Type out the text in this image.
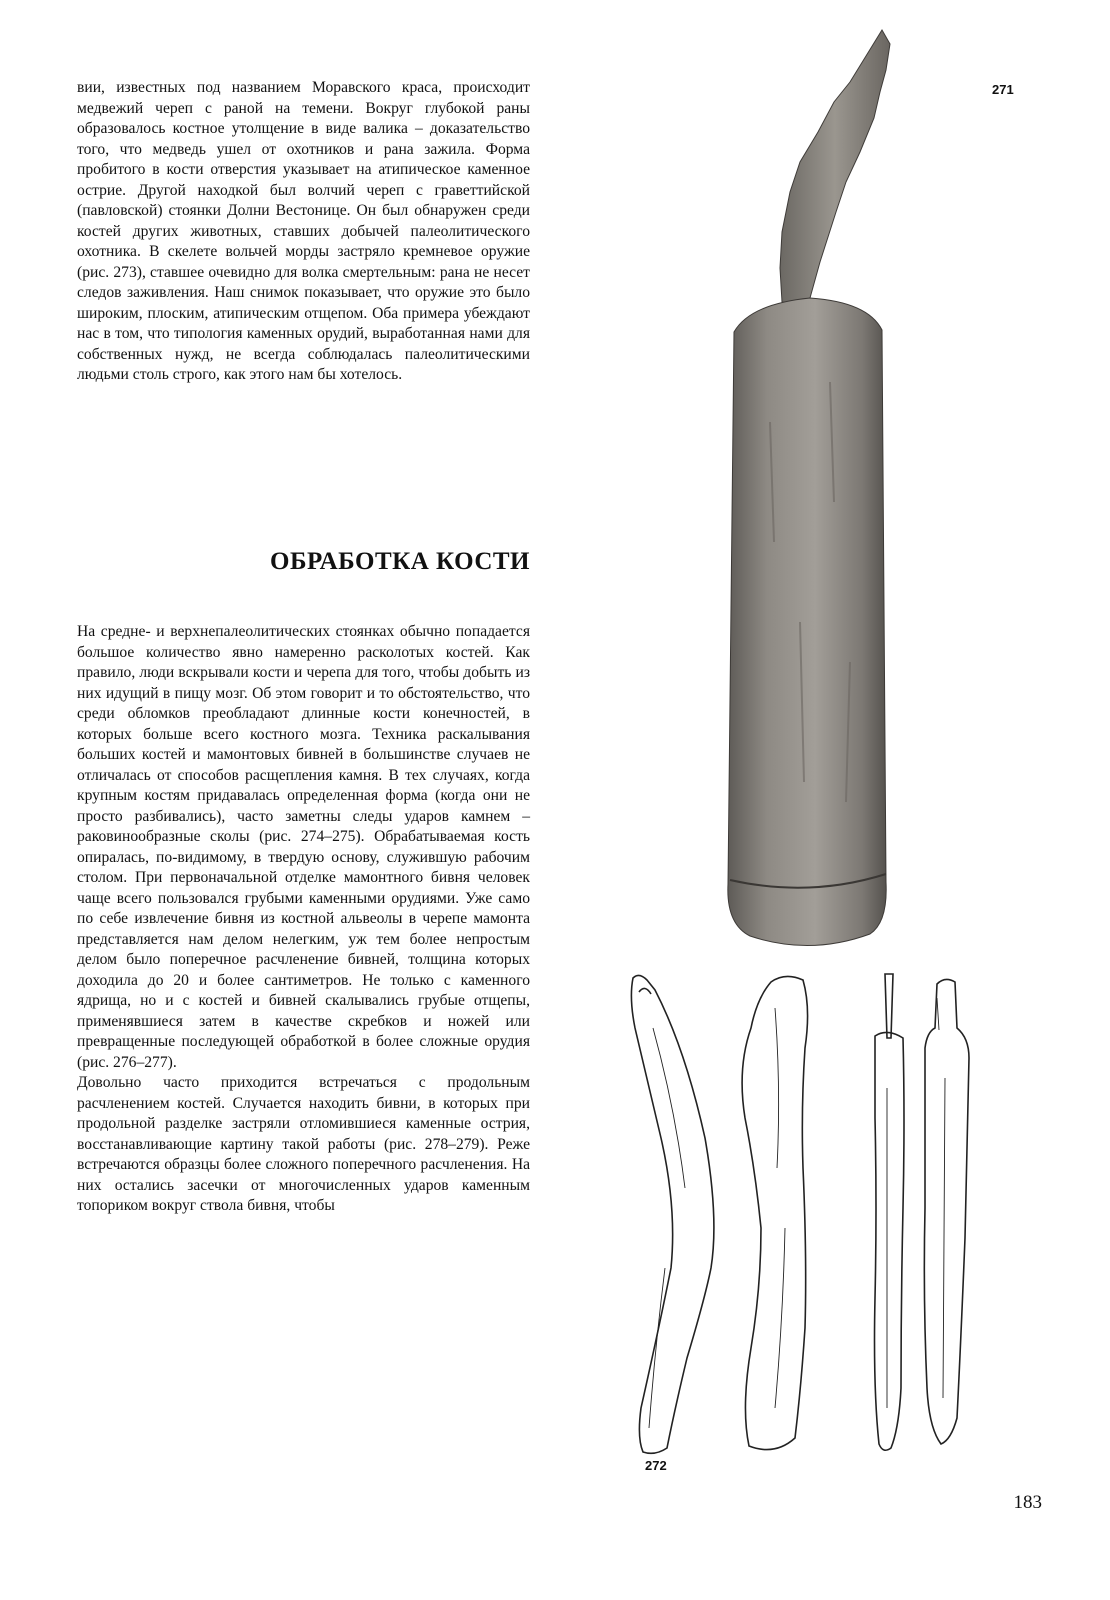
вии, известных под названием Моравского краса, происходит медвежий череп с раной на темени. Вокруг глубокой раны образовалось костное утолщение в виде валика – доказательство того, что медведь ушел от охотников и рана зажила. Форма пробитого в кости отверстия указывает на атипическое каменное острие. Другой находкой был волчий череп с граветтийской (павловской) стоянки Долни Вестонице. Он был обнаружен среди костей других животных, ставших добычей палеолитического охотника. В скелете вольчей морды застряло кремневое оружие (рис. 273), ставшее очевидно для волка смертельным: рана не несет следов заживления. Наш снимок показывает, что оружие это было широким, плоским, атипическим отщепом. Оба примера убеждают нас в том, что типология каменных орудий, выработанная нами для собственных нужд, не всегда соблюдалась палеолитическими людьми столь строго, как этого нам бы хотелось.

ОБРАБОТКА КОСТИ

На средне- и верхнепалеолитических стоянках обычно попадается большое количество явно намеренно расколотых костей. Как правило, люди вскрывали кости и черепа для того, чтобы добыть из них идущий в пищу мозг. Об этом говорит и то обстоятельство, что среди обломков преобладают длинные кости конечностей, в которых больше всего костного мозга. Техника раскалывания больших костей и мамонтовых бивней в большинстве случаев не отличалась от способов расщепления камня. В тех случаях, когда крупным костям придавалась определенная форма (когда они не просто разбивались), часто заметны следы ударов камнем – раковинообразные сколы (рис. 274–275). Обрабатываемая кость опиралась, по-видимому, в твердую основу, служившую рабочим столом. При первоначальной отделке мамонтного бивня человек чаще всего пользовался грубыми каменными орудиями. Уже само по себе извлечение бивня из костной альвеолы в черепе мамонта представляется нам делом нелегким, уж тем более непростым делом было поперечное расчленение бивней, толщина которых доходила до 20 и более сантиметров. Не только с каменного ядрища, но и с костей и бивней скалывались грубые отщепы, применявшиеся затем в качестве скребков и ножей или превращенные последующей обработкой в более сложные орудия (рис. 276–277).

Довольно часто приходится встречаться с продольным расчленением костей. Случается находить бивни, в которых при продольной разделке застряли отломившиеся каменные острия, восстанавливающие картину такой работы (рис. 278–279). Реже встречаются образцы более сложного поперечного расчленения. На них остались засечки от многочисленных ударов каменным топориком вокруг ствола бивня, чтобы

271
272
183
